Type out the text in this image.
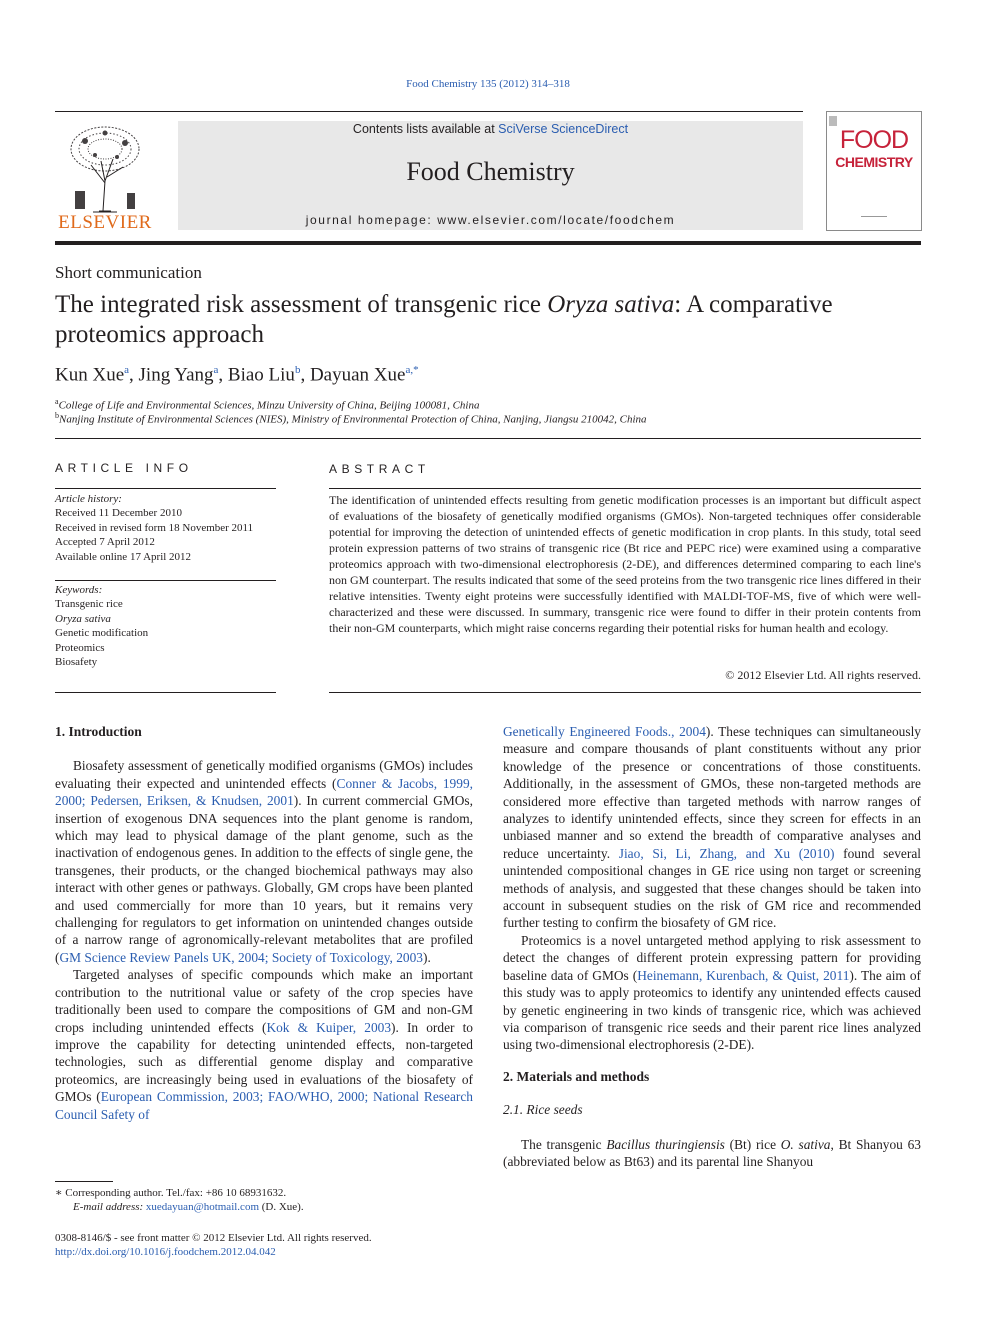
Food Chemistry 135 (2012) 314–318
ELSEVIER
Contents lists available at SciVerse ScienceDirect
Food Chemistry
journal homepage: www.elsevier.com/locate/foodchem
FOOD
CHEMISTRY
Short communication
The integrated risk assessment of transgenic rice Oryza sativa: A comparative proteomics approach
Kun Xue$^a$, Jing Yang$^a$, Biao Liu$^b$, Dayuan Xue$^{a,*}$
$^a$College of Life and Environmental Sciences, Minzu University of China, Beijing 100081, China
$^b$Nanjing Institute of Environmental Sciences (NIES), Ministry of Environmental Protection of China, Nanjing, Jiangsu 210042, China
ARTICLE INFO
Article history:
Received 11 December 2010
Received in revised form 18 November 2011
Accepted 7 April 2012
Available online 17 April 2012
Keywords:
Transgenic rice
Oryza sativa
Genetic modification
Proteomics
Biosafety
ABSTRACT
The identification of unintended effects resulting from genetic modification processes is an important but difficult aspect of evaluations of the biosafety of genetically modified organisms (GMOs). Non-targeted techniques offer considerable potential for improving the detection of unintended effects of genetic modification in crop plants. In this study, total seed protein expression patterns of two strains of transgenic rice (Bt rice and PEPC rice) were examined using a comparative proteomics approach with two-dimensional electrophoresis (2-DE), and differences determined comparing to each line's non GM counterpart. The results indicated that some of the seed proteins from the two transgenic rice lines differed in their relative intensities. Twenty eight proteins were successfully identified with MALDI-TOF-MS, five of which were well-characterized and these were discussed. In summary, transgenic rice were found to differ in their protein contents from their non-GM counterparts, which might raise concerns regarding their potential risks for human health and ecology.
© 2012 Elsevier Ltd. All rights reserved.
1. Introduction

Biosafety assessment of genetically modified organisms (GMOs) includes evaluating their expected and unintended effects (Conner & Jacobs, 1999, 2000; Pedersen, Eriksen, & Knudsen, 2001). In current commercial GMOs, insertion of exogenous DNA sequences into the plant genome is random, which may lead to physical damage of the plant genome, such as the inactivation of endogenous genes. In addition to the effects of single gene, the transgenes, their products, or the changed biochemical pathways may also interact with other genes or pathways. Globally, GM crops have been planted and used commercially for more than 10 years, but it remains very challenging for regulators to get information on unintended changes outside of a narrow range of agronomically-relevant metabolites that are profiled (GM Science Review Panels UK, 2004; Society of Toxicology, 2003).

Targeted analyses of specific compounds which make an important contribution to the nutritional value or safety of the crop species have traditionally been used to compare the compositions of GM and non-GM crops including unintended effects (Kok & Kuiper, 2003). In order to improve the capability for detecting unintended effects, non-targeted technologies, such as differential genome display and comparative proteomics, are increasingly being used in evaluations of the biosafety of GMOs (European Commission, 2003; FAO/WHO, 2000; National Research Council Safety of

Genetically Engineered Foods., 2004). These techniques can simultaneously measure and compare thousands of plant constituents without any prior knowledge of the presence or concentrations of those constituents. Additionally, in the assessment of GMOs, these non-targeted methods are considered more effective than targeted methods with narrow ranges of analyzes to identify unintended effects, since they screen for effects in an unbiased manner and so extend the breadth of comparative analyses and reduce uncertainty. Jiao, Si, Li, Zhang, and Xu (2010) found several unintended compositional changes in GE rice using non target or screening methods of analysis, and suggested that these changes should be taken into account in subsequent studies on the risk of GM rice and recommended further testing to confirm the biosafety of GM rice.

Proteomics is a novel untargeted method applying to risk assessment to detect the changes of different protein expressing pattern for providing baseline data of GMOs (Heinemann, Kurenbach, & Quist, 2011). The aim of this study was to apply proteomics to identify any unintended effects caused by genetic engineering in two kinds of transgenic rice, which was achieved via comparison of transgenic rice seeds and their parent rice lines analyzed using two-dimensional electrophoresis (2-DE).

2. Materials and methods
2.1. Rice seeds

The transgenic Bacillus thuringiensis (Bt) rice O. sativa, Bt Shanyou 63 (abbreviated below as Bt63) and its parental line Shanyou

∗ Corresponding author. Tel./fax: +86 10 68931632.
E-mail address: xuedayuan@hotmail.com (D. Xue).
0308-8146/$ - see front matter © 2012 Elsevier Ltd. All rights reserved.
http://dx.doi.org/10.1016/j.foodchem.2012.04.042
